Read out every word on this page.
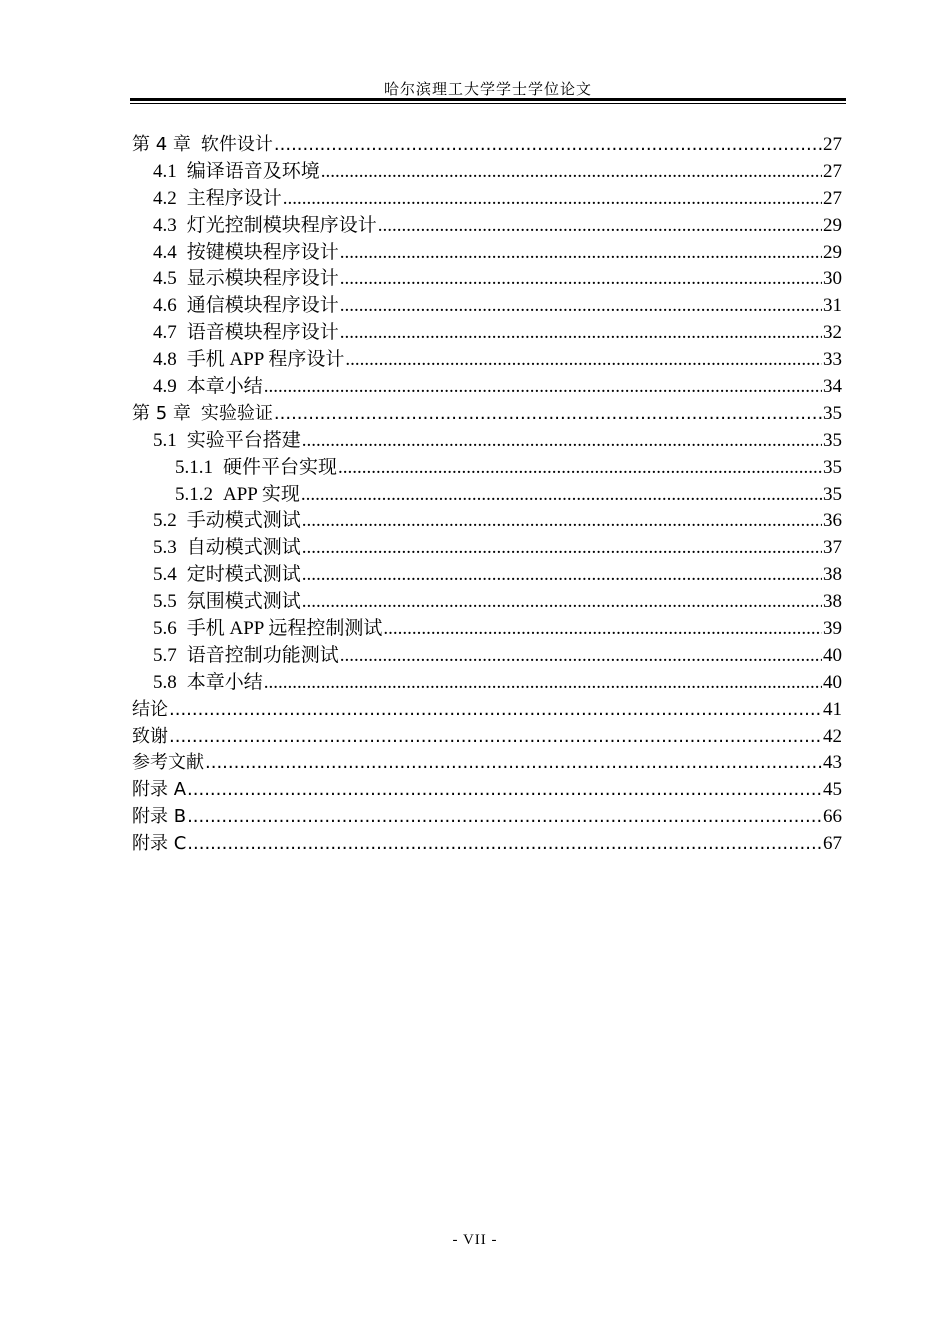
哈尔滨理工大学学士学位论文
第 4 章 软件设计 .....	27
4.1 编译语音及环境 .....	27
4.2 主程序设计 .....	27
4.3 灯光控制模块程序设计 .....	29
4.4 按键模块程序设计 .....	29
4.5 显示模块程序设计 .....	30
4.6 通信模块程序设计 .....	31
4.7 语音模块程序设计 .....	32
4.8 手机 APP 程序设计 .....	33
4.9 本章小结 .....	34
第 5 章 实验验证 .....	35
5.1 实验平台搭建 .....	35
5.1.1 硬件平台实现 .....	35
5.1.2 APP 实现 .....	35
5.2 手动模式测试 .....	36
5.3 自动模式测试 .....	37
5.4 定时模式测试 .....	38
5.5 氛围模式测试 .....	38
5.6 手机 APP 远程控制测试 .....	39
5.7 语音控制功能测试 .....	40
5.8 本章小结 .....	40
结论 .....	41
致谢 .....	42
参考文献 .....	43
附录 A .....	45
附录 B .....	66
附录 C .....	67
- VII -
